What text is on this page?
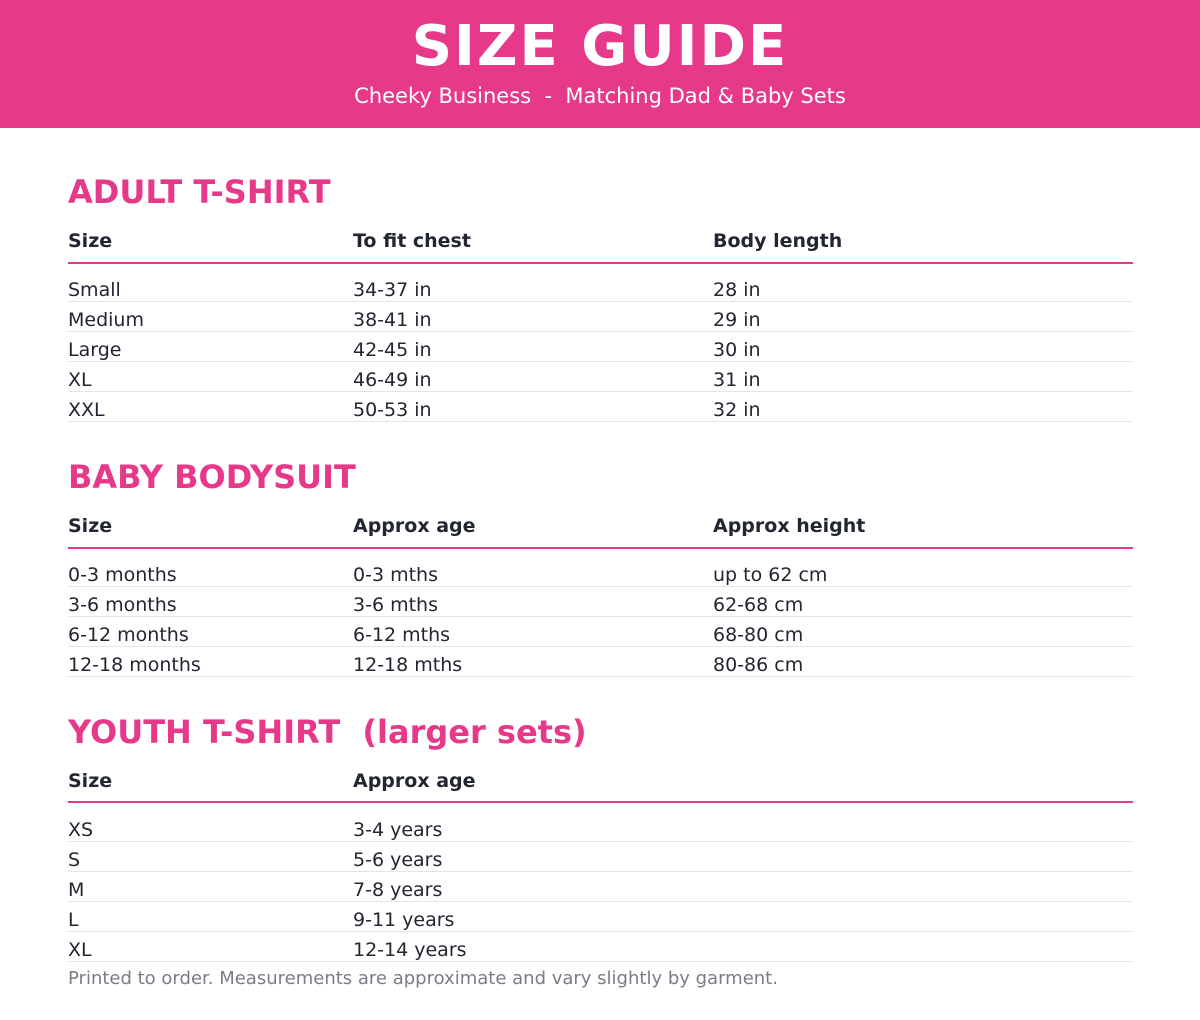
SIZE GUIDE
Cheeky Business  -  Matching Dad & Baby Sets
ADULT T-SHIRT
Size	To fit chest	Body length
Small	34-37 in	28 in
Medium	38-41 in	29 in
Large	42-45 in	30 in
XL	46-49 in	31 in
XXL	50-53 in	32 in
BABY BODYSUIT
Size	Approx age	Approx height
0-3 months	0-3 mths	up to 62 cm
3-6 months	3-6 mths	62-68 cm
6-12 months	6-12 mths	68-80 cm
12-18 months	12-18 mths	80-86 cm
YOUTH T-SHIRT  (larger sets)
Size	Approx age
XS	3-4 years
S	5-6 years
M	7-8 years
L	9-11 years
XL	12-14 years
Printed to order. Measurements are approximate and vary slightly by garment.
